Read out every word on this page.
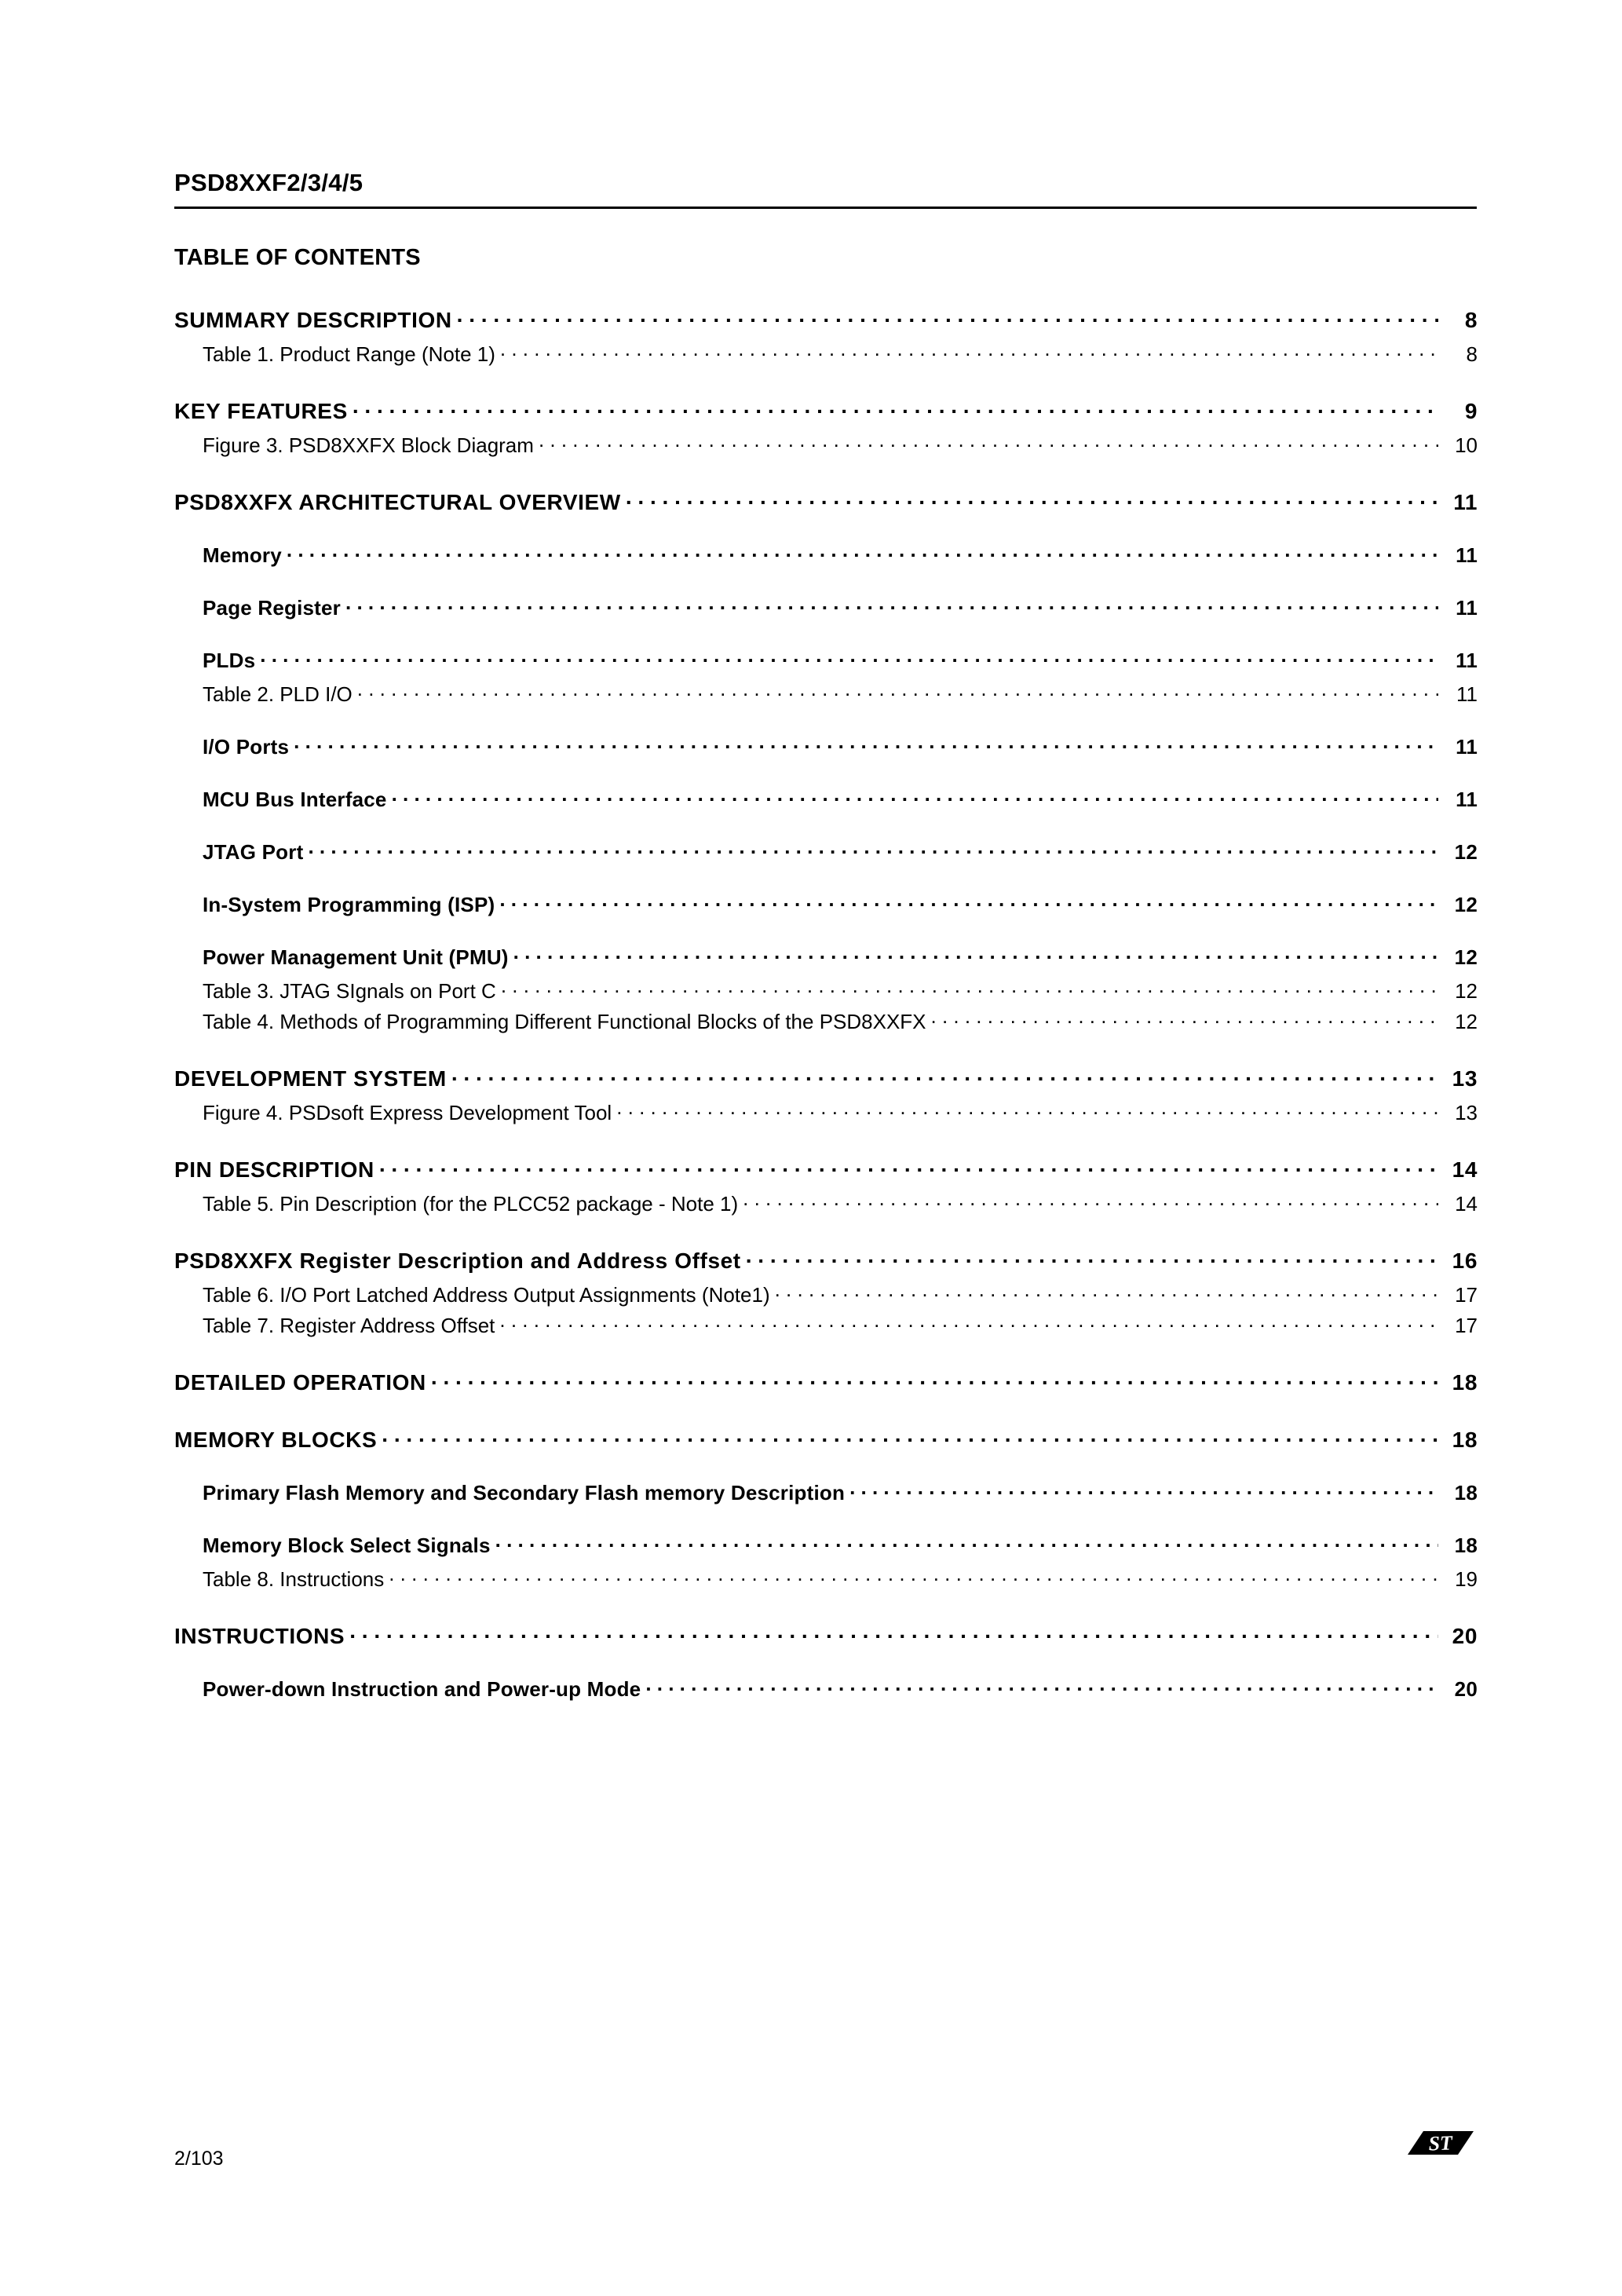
PSD8XXF2/3/4/5
TABLE OF CONTENTS
SUMMARY DESCRIPTION . . .	8
Table 1. Product Range (Note 1) . . .	8
KEY FEATURES . . .	9
Figure 3. PSD8XXFX Block Diagram . . .	10
PSD8XXFX ARCHITECTURAL OVERVIEW . . .	11
Memory . . .	11
Page Register . . .	11
PLDs . . .	11
Table 2. PLD I/O . . .	11
I/O Ports . . .	11
MCU Bus Interface . . .	11
JTAG Port . . .	12
In-System Programming (ISP) . . .	12
Power Management Unit (PMU) . . .	12
Table 3. JTAG SIgnals on Port C . . .	12
Table 4. Methods of Programming Different Functional Blocks of the PSD8XXFX . . .	12
DEVELOPMENT SYSTEM . . .	13
Figure 4. PSDsoft Express Development Tool . . .	13
PIN DESCRIPTION . . .	14
Table 5. Pin Description (for the PLCC52 package - Note 1) . . .	14
PSD8XXFX Register Description and Address Offset . . .	16
Table 6. I/O Port Latched Address Output Assignments (Note1) . . .	17
Table 7. Register Address Offset . . .	17
DETAILED OPERATION . . .	18
MEMORY BLOCKS . . .	18
Primary Flash Memory and Secondary Flash memory Description . . .	18
Memory Block Select Signals . . .	18
Table 8. Instructions . . .	19
INSTRUCTIONS . . .	20
Power-down Instruction and Power-up Mode . . .	20
2/103
ST
